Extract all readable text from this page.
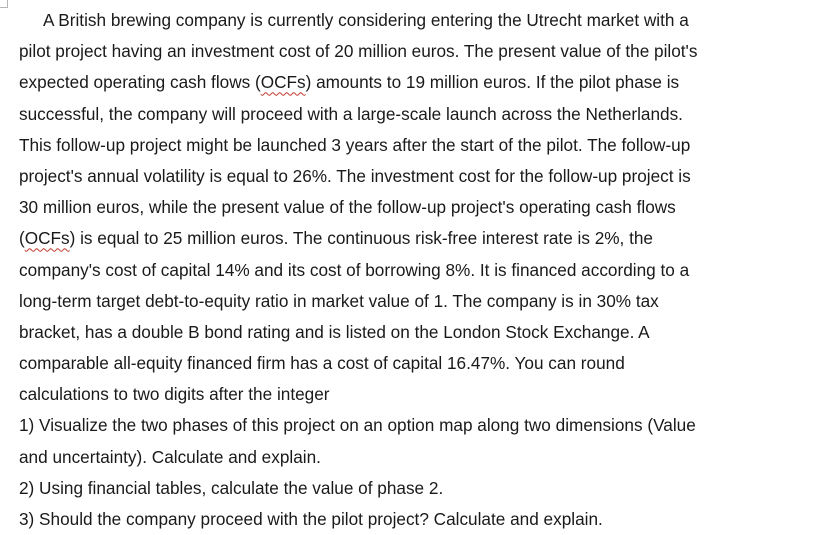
A British brewing company is currently considering entering the Utrecht market with a
pilot project having an investment cost of 20 million euros. The present value of the pilot's
expected operating cash flows (OCFs) amounts to 19 million euros. If the pilot phase is
successful, the company will proceed with a large-scale launch across the Netherlands.
This follow-up project might be launched 3 years after the start of the pilot. The follow-up
project's annual volatility is equal to 26%. The investment cost for the follow-up project is
30 million euros, while the present value of the follow-up project's operating cash flows
(OCFs) is equal to 25 million euros. The continuous risk-free interest rate is 2%, the
company's cost of capital 14% and its cost of borrowing 8%. It is financed according to a
long-term target debt-to-equity ratio in market value of 1. The company is in 30% tax
bracket, has a double B bond rating and is listed on the London Stock Exchange. A
comparable all-equity financed firm has a cost of capital 16.47%. You can round
calculations to two digits after the integer
1) Visualize the two phases of this project on an option map along two dimensions (Value
and uncertainty). Calculate and explain.
2) Using financial tables, calculate the value of phase 2.
3) Should the company proceed with the pilot project? Calculate and explain.
